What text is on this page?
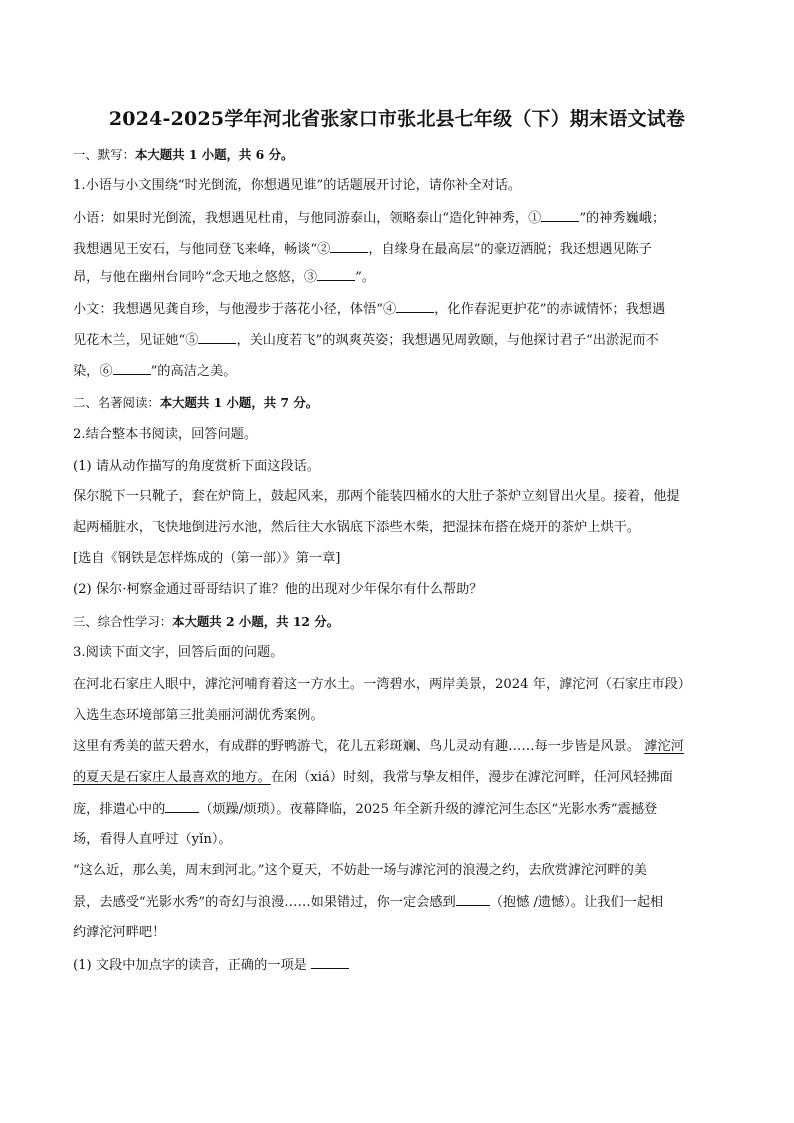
2024-2025学年河北省张家口市张北县七年级（下）期末语文试卷
一、默写：本大题共 1 小题，共 6 分。
1.小语与小文围绕“时光倒流，你想遇见谁”的话题展开讨论，请你补全对话。
小语：如果时光倒流，我想遇见杜甫，与他同游泰山，领略泰山“造化钟神秀，①	”的神秀巍峨；
我想遇见王安石，与他同登飞来峰，畅谈“②	，自缘身在最高层”的豪迈洒脱；我还想遇见陈子
昂，与他在幽州台同吟“念天地之悠悠，③	”。
小文：我想遇见龚自珍，与他漫步于落花小径，体悟“④	，化作春泥更护花”的赤诚情怀；我想遇
见花木兰，见证她“⑤	，关山度若飞”的飒爽英姿；我想遇见周敦颐，与他探讨君子“出淤泥而不
染，⑥	”的高洁之美。
二、名著阅读：本大题共 1 小题，共 7 分。
2.结合整本书阅读，回答问题。
(1) 请从动作描写的角度赏析下面这段话。
保尔脱下一只靴子，套在炉筒上，鼓起风来，那两个能装四桶水的大肚子茶炉立刻冒出火星。接着，他提
起两桶脏水，飞快地倒进污水池，然后往大水锅底下添些木柴，把湿抹布搭在烧开的茶炉上烘干。
[选自《钢铁是怎样炼成的（第一部）》第一章]
(2) 保尔·柯察金通过哥哥结识了谁？他的出现对少年保尔有什么帮助？
三、综合性学习：本大题共 2 小题，共 12 分。
3.阅读下面文字，回答后面的问题。
在河北石家庄人眼中，滹沱河哺育着这一方水土。一湾碧水，两岸美景，2024 年，滹沱河（石家庄市段）
入选生态环境部第三批美丽河湖优秀案例。
这里有秀美的蓝天碧水，有成群的野鸭游弋，花儿五彩斑斓、鸟儿灵动有趣……每一步皆是风景。 滹沱河
的夏天是石家庄人最喜欢的地方。在闲（xiá）时刻，我常与挚友相伴，漫步在滹沱河畔，任河风轻拂面
庞，排遣心中的	（烦躁/烦琐）。夜幕降临，2025 年全新升级的滹沱河生态区“光影水秀”震撼登
场，看得人直呼过（yǐn）。
“这么近，那么美，周末到河北。”这个夏天，不妨赴一场与滹沱河的浪漫之约，去欣赏滹沱河畔的美
景，去感受“光影水秀”的奇幻与浪漫……如果错过，你一定会感到	（抱憾 /遗憾）。让我们一起相
约滹沱河畔吧！
(1) 文段中加点字的读音，正确的一项是
